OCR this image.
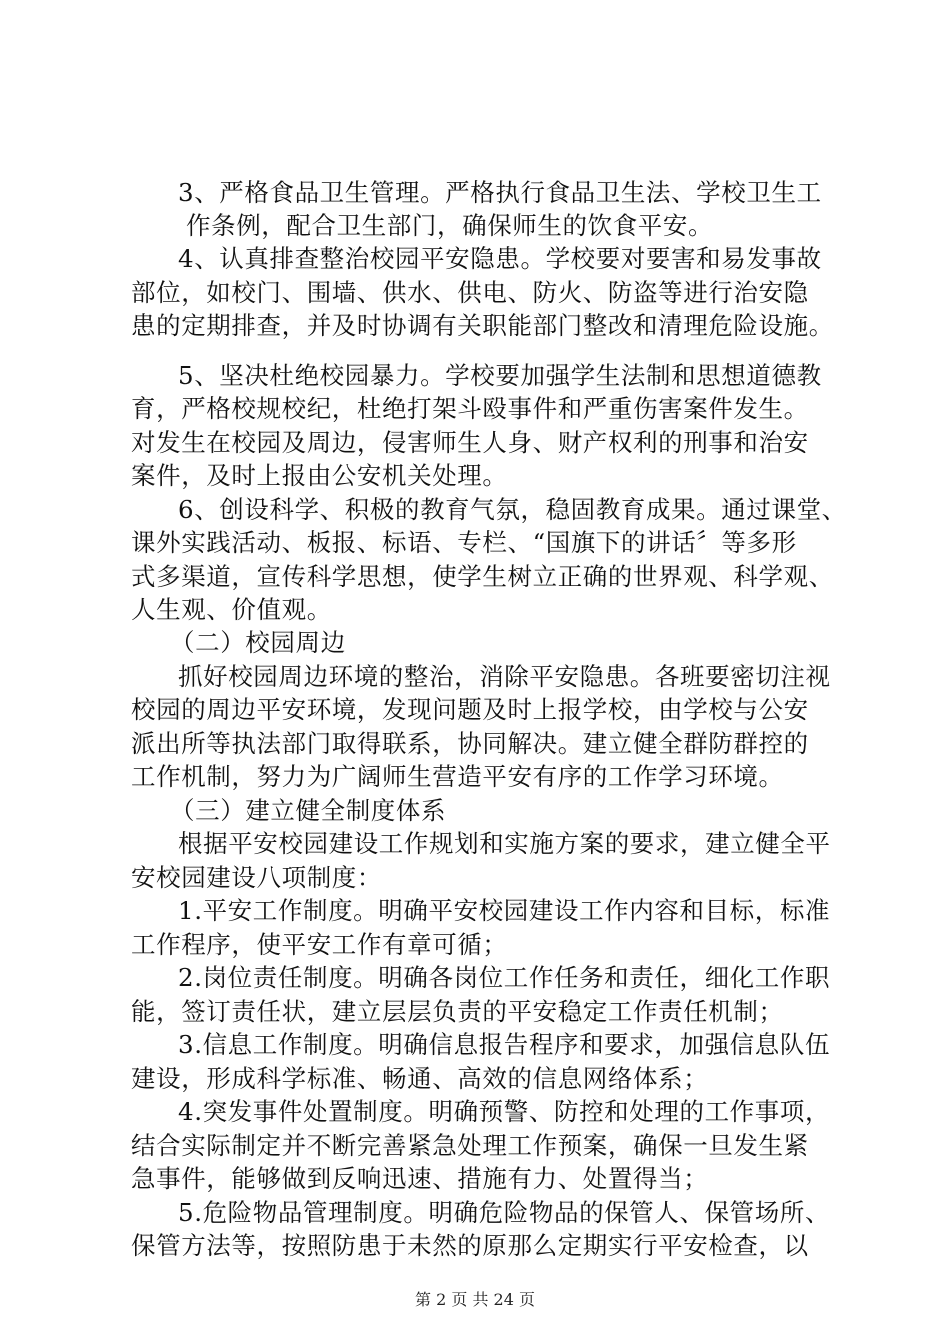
3、严格食品卫生管理。严格执行食品卫生法、学校卫生工
作条例，配合卫生部门，确保师生的饮食平安。
4、认真排查整治校园平安隐患。学校要对要害和易发事故
部位，如校门、围墙、供水、供电、防火、防盗等进行治安隐
患的定期排查，并及时协调有关职能部门整改和清理危险设施。
5、坚决杜绝校园暴力。学校要加强学生法制和思想道德教
育，严格校规校纪，杜绝打架斗殴事件和严重伤害案件发生。
对发生在校园及周边，侵害师生人身、财产权利的刑事和治安
案件，及时上报由公安机关处理。
6、创设科学、积极的教育气氛，稳固教育成果。通过课堂、
课外实践活动、板报、标语、专栏、“国旗下的讲话〞等多形
式多渠道，宣传科学思想，使学生树立正确的世界观、科学观、
人生观、价值观。
（二）校园周边
抓好校园周边环境的整治，消除平安隐患。各班要密切注视
校园的周边平安环境，发现问题及时上报学校，由学校与公安
派出所等执法部门取得联系，协同解决。建立健全群防群控的
工作机制，努力为广阔师生营造平安有序的工作学习环境。
（三）建立健全制度体系
根据平安校园建设工作规划和实施方案的要求，建立健全平
安校园建设八项制度：
1.平安工作制度。明确平安校园建设工作内容和目标，标准
工作程序，使平安工作有章可循；
2.岗位责任制度。明确各岗位工作任务和责任，细化工作职
能，签订责任状，建立层层负责的平安稳定工作责任机制；
3.信息工作制度。明确信息报告程序和要求，加强信息队伍
建设，形成科学标准、畅通、高效的信息网络体系；
4.突发事件处置制度。明确预警、防控和处理的工作事项，
结合实际制定并不断完善紧急处理工作预案，确保一旦发生紧
急事件，能够做到反响迅速、措施有力、处置得当；
5.危险物品管理制度。明确危险物品的保管人、保管场所、
保管方法等，按照防患于未然的原那么定期实行平安检查，以
第 2 页 共 24 页
